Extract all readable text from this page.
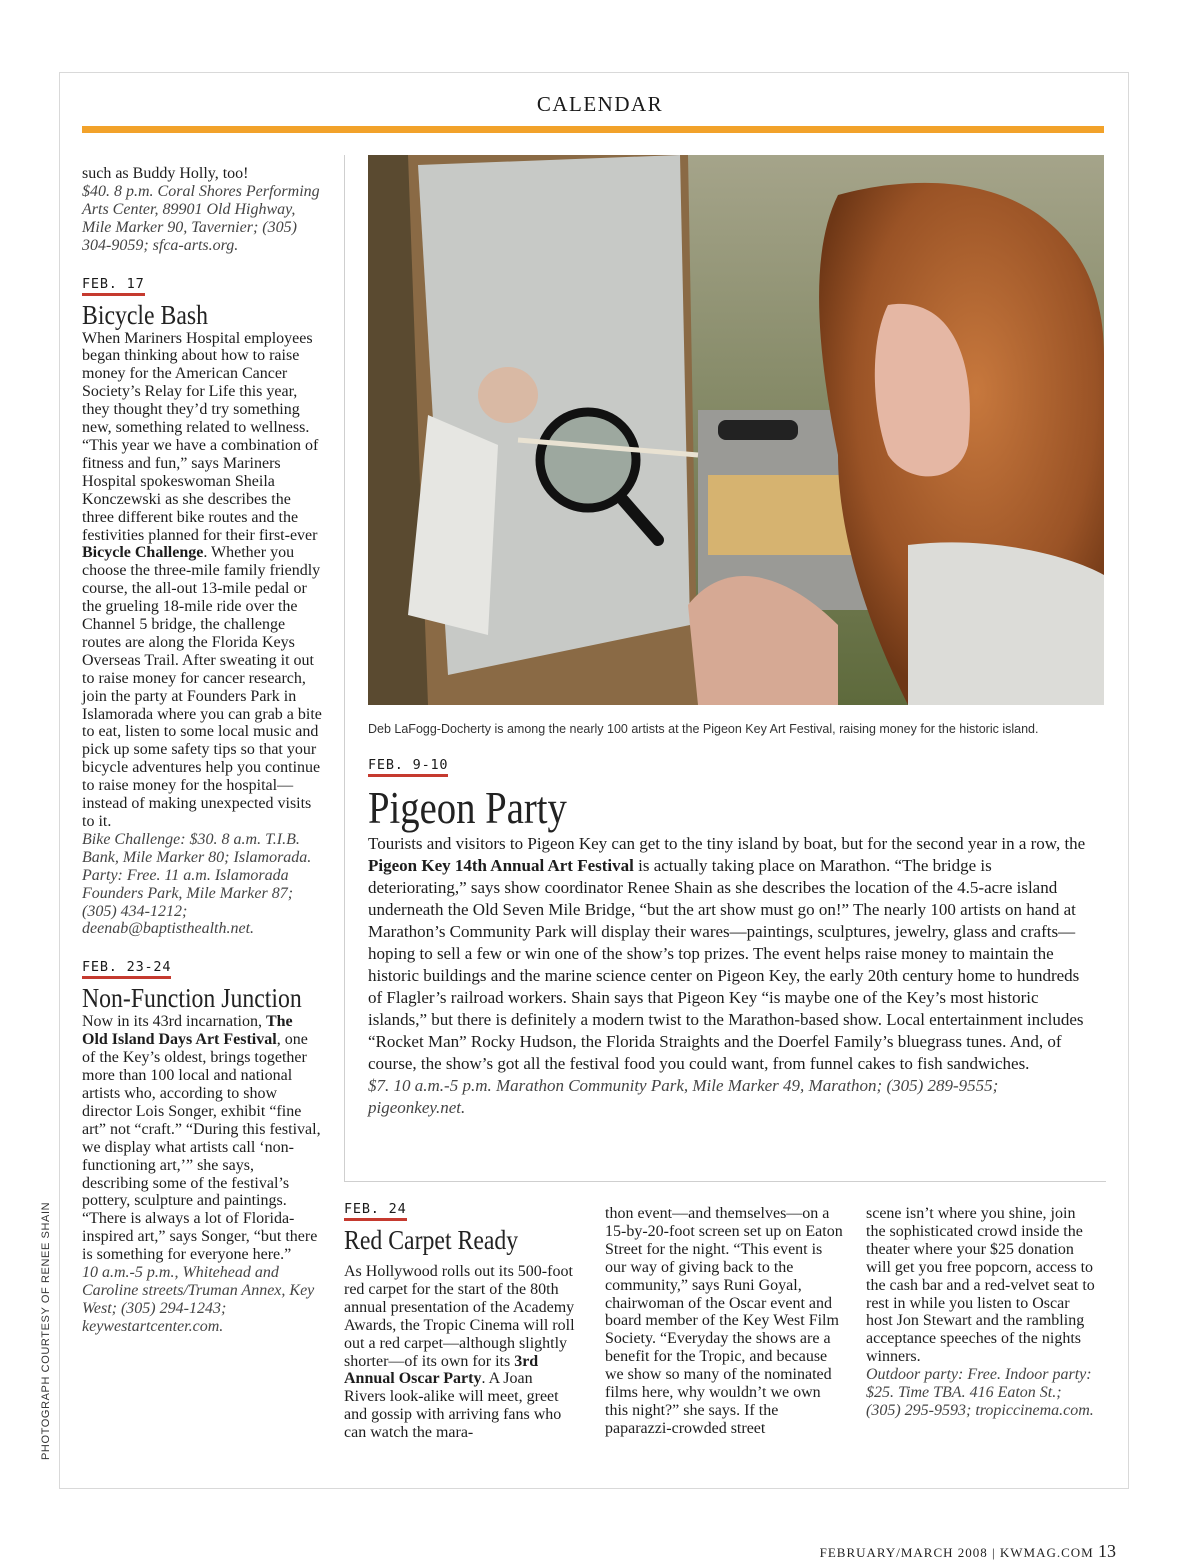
CALENDAR

such as Buddy Holly, too!

$40. 8 p.m. Coral Shores Performing Arts Center, 89901 Old Highway, Mile Marker 90, Tavernier; (305) 304-9059; sfca-arts.org.

FEB. 17
Bicycle Bash

When Mariners Hospital employees began thinking about how to raise money for the American Cancer Society’s Relay for Life this year, they thought they’d try something new, something related to wellness. “This year we have a combination of fitness and fun,” says Mariners Hospital spokeswoman Sheila Konczewski as she describes the three different bike routes and the festivities planned for their first-ever Bicycle Challenge. Whether you choose the three-mile family friendly course, the all-out 13-mile pedal or the grueling 18-mile ride over the Channel 5 bridge, the challenge routes are along the Florida Keys Overseas Trail. After sweating it out to raise money for cancer research, join the party at Founders Park in Islamorada where you can grab a bite to eat, listen to some local music and pick up some safety tips so that your bicycle adventures help you continue to raise money for the hospital—instead of making unexpected visits to it.

Bike Challenge: $30. 8 a.m. T.I.B. Bank, Mile Marker 80; Islamorada. Party: Free. 11 a.m. Islamorada Founders Park, Mile Marker 87; (305) 434-1212; deenab@baptisthealth.net.

FEB. 23-24
Non-Function Junction

Now in its 43rd incarnation, The Old Island Days Art Festival, one of the Key’s oldest, brings together more than 100 local and national artists who, according to show director Lois Songer, exhibit “fine art” not “craft.” “During this festival, we display what artists call ‘non-functioning art,’” she says, describing some of the festival’s pottery, sculpture and paintings. “There is always a lot of Florida-inspired art,” says Songer, “but there is something for everyone here.”

10 a.m.-5 p.m., Whitehead and Caroline streets/Truman Annex, Key West; (305) 294-1243; keywestartcenter.com.

Deb LaFogg-Docherty is among the nearly 100 artists at the Pigeon Key Art Festival, raising money for the historic island.
PHOTOGRAPH COURTESY OF RENEE SHAIN
FEB. 9-10
Pigeon Party

Tourists and visitors to Pigeon Key can get to the tiny island by boat, but for the second year in a row, the Pigeon Key 14th Annual Art Festival is actually taking place on Marathon. “The bridge is deteriorating,” says show coordinator Renee Shain as she describes the location of the 4.5-acre island underneath the Old Seven Mile Bridge, “but the art show must go on!” The nearly 100 artists on hand at Marathon’s Community Park will display their wares—paintings, sculptures, jewelry, glass and crafts—hoping to sell a few or win one of the show’s top prizes. The event helps raise money to maintain the historic buildings and the marine science center on Pigeon Key, the early 20th century home to hundreds of Flagler’s railroad workers. Shain says that Pigeon Key “is maybe one of the Key’s most historic islands,” but there is definitely a modern twist to the Marathon-based show. Local entertainment includes “Rocket Man” Rocky Hudson, the Florida Straights and the Doerfel Family’s bluegrass tunes. And, of course, the show’s got all the festival food you could want, from funnel cakes to fish sandwiches.

$7. 10 a.m.-5 p.m. Marathon Community Park, Mile Marker 49, Marathon; (305) 289-9555; pigeonkey.net.

FEB. 24
Red Carpet Ready

As Hollywood rolls out its 500-foot red carpet for the start of the 80th annual presentation of the Academy Awards, the Tropic Cinema will roll out a red carpet—although slightly shorter—of its own for its 3rd Annual Oscar Party. A Joan Rivers look-alike will meet, greet and gossip with arriving fans who can watch the mara-

thon event—and themselves—on a 15-by-20-foot screen set up on Eaton Street for the night. “This event is our way of giving back to the community,” says Runi Goyal, chairwoman of the Oscar event and board member of the Key West Film Society. “Everyday the shows are a benefit for the Tropic, and because we show so many of the nominated films here, why wouldn’t we own this night?” she says. If the paparazzi-crowded street

scene isn’t where you shine, join the sophisticated crowd inside the theater where your $25 donation will get you free popcorn, access to the cash bar and a red-velvet seat to rest in while you listen to Oscar host Jon Stewart and the rambling acceptance speeches of the nights winners.

Outdoor party: Free. Indoor party: $25. Time TBA. 416 Eaton St.; (305) 295-9593; tropiccinema.com.

FEBRUARY/MARCH 2008 | KWMAG.COM 13
